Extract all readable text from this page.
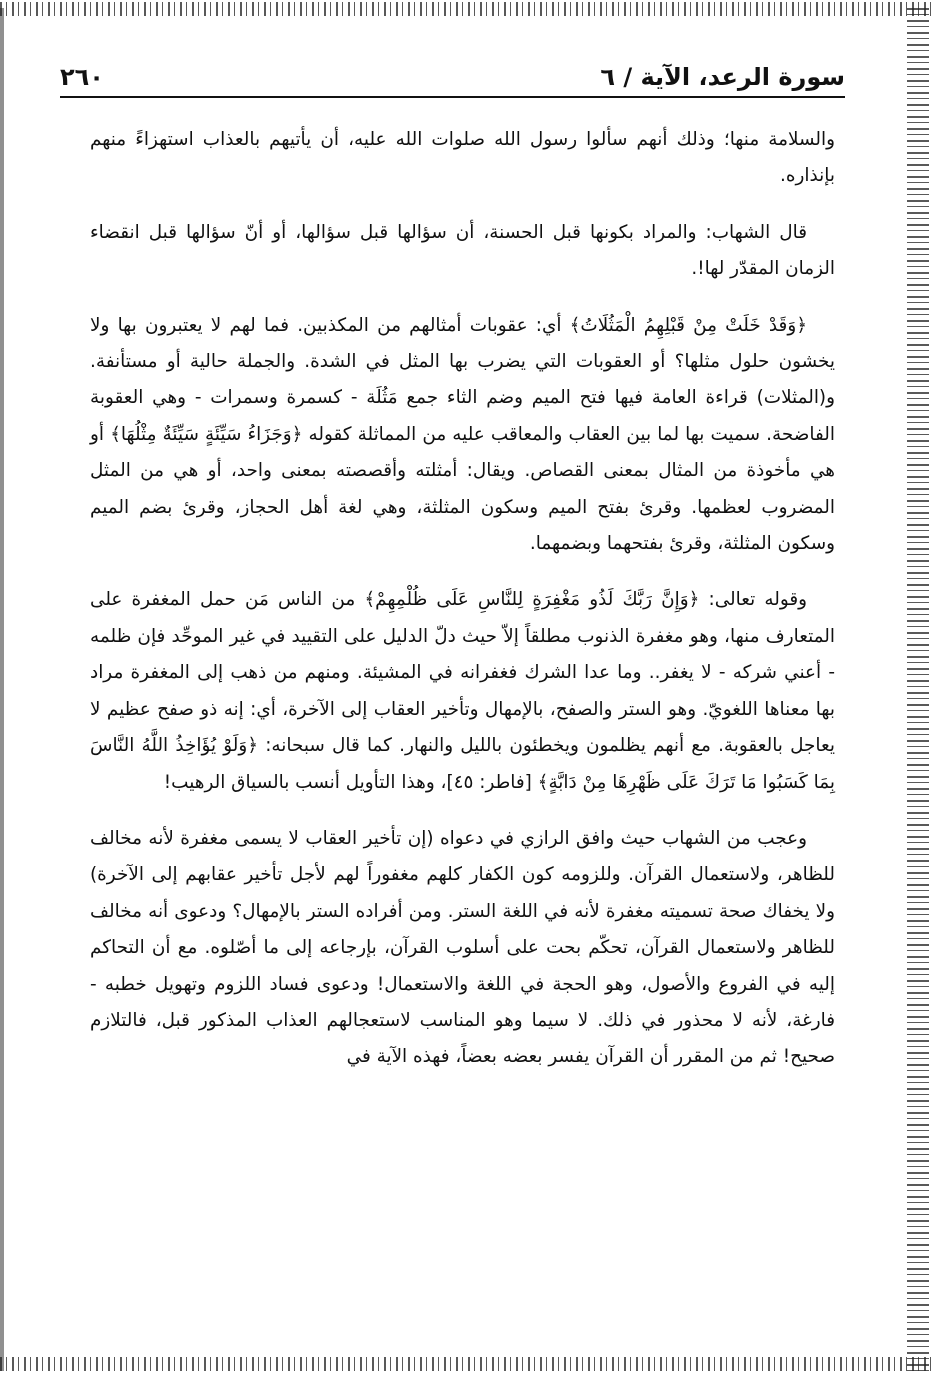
سورة الرعد، الآية / ٦
٢٦٠

والسلامة منها؛ وذلك أنهم سألوا رسول الله صلوات الله عليه، أن يأتيهم بالعذاب استهزاءً منهم بإنذاره.

قال الشهاب: والمراد بكونها قبل الحسنة، أن سؤالها قبل سؤالها، أو أنّ سؤالها قبل انقضاء الزمان المقدّر لها!.

﴿وَقَدْ خَلَتْ مِنْ قَبْلِهِمُ الْمَثُلَاتُ﴾ أي: عقوبات أمثالهم من المكذبين. فما لهم لا يعتبرون بها ولا يخشون حلول مثلها؟ أو العقوبات التي يضرب بها المثل في الشدة. والجملة حالية أو مستأنفة. و(المثلات) قراءة العامة فيها فتح الميم وضم الثاء جمع مَثُلَة - كسمرة وسمرات - وهي العقوبة الفاضحة. سميت بها لما بين العقاب والمعاقب عليه من المماثلة كقوله ﴿وَجَزَاءُ سَيِّئَةٍ سَيِّئَةٌ مِثْلُهَا﴾ أو هي مأخوذة من المثال بمعنى القصاص. ويقال: أمثلته وأقصصته بمعنى واحد، أو هي من المثل المضروب لعظمها. وقرئ بفتح الميم وسكون المثلثة، وهي لغة أهل الحجاز، وقرئ بضم الميم وسكون المثلثة، وقرئ بفتحهما وبضمهما.

وقوله تعالى: ﴿وَإِنَّ رَبَّكَ لَذُو مَغْفِرَةٍ لِلنَّاسِ عَلَى ظُلْمِهِمْ﴾ من الناس مَن حمل المغفرة على المتعارف منها، وهو مغفرة الذنوب مطلقاً إلاّ حيث دلّ الدليل على التقييد في غير الموحِّد فإن ظلمه - أعني شركه - لا يغفر.. وما عدا الشرك فغفرانه في المشيئة. ومنهم من ذهب إلى المغفرة مراد بها معناها اللغويّ. وهو الستر والصفح، بالإمهال وتأخير العقاب إلى الآخرة، أي: إنه ذو صفح عظيم لا يعاجل بالعقوبة. مع أنهم يظلمون ويخطئون بالليل والنهار. كما قال سبحانه: ﴿وَلَوْ يُؤَاخِذُ اللَّهُ النَّاسَ بِمَا كَسَبُوا مَا تَرَكَ عَلَى ظَهْرِهَا مِنْ دَابَّةٍ﴾ [فاطر: ٤٥]، وهذا التأويل أنسب بالسياق الرهيب!

وعجب من الشهاب حيث وافق الرازي في دعواه (إن تأخير العقاب لا يسمى مغفرة لأنه مخالف للظاهر، ولاستعمال القرآن. وللزومه كون الكفار كلهم مغفوراً لهم لأجل تأخير عقابهم إلى الآخرة) ولا يخفاك صحة تسميته مغفرة لأنه في اللغة الستر. ومن أفراده الستر بالإمهال؟ ودعوى أنه مخالف للظاهر ولاستعمال القرآن، تحكّم بحت على أسلوب القرآن، بإرجاعه إلى ما أصّلوه. مع أن التحاكم إليه في الفروع والأصول، وهو الحجة في اللغة والاستعمال! ودعوى فساد اللزوم وتهويل خطبه - فارغة، لأنه لا محذور في ذلك. لا سيما وهو المناسب لاستعجالهم العذاب المذكور قبل، فالتلازم صحيح! ثم من المقرر أن القرآن يفسر بعضه بعضاً، فهذه الآية في
